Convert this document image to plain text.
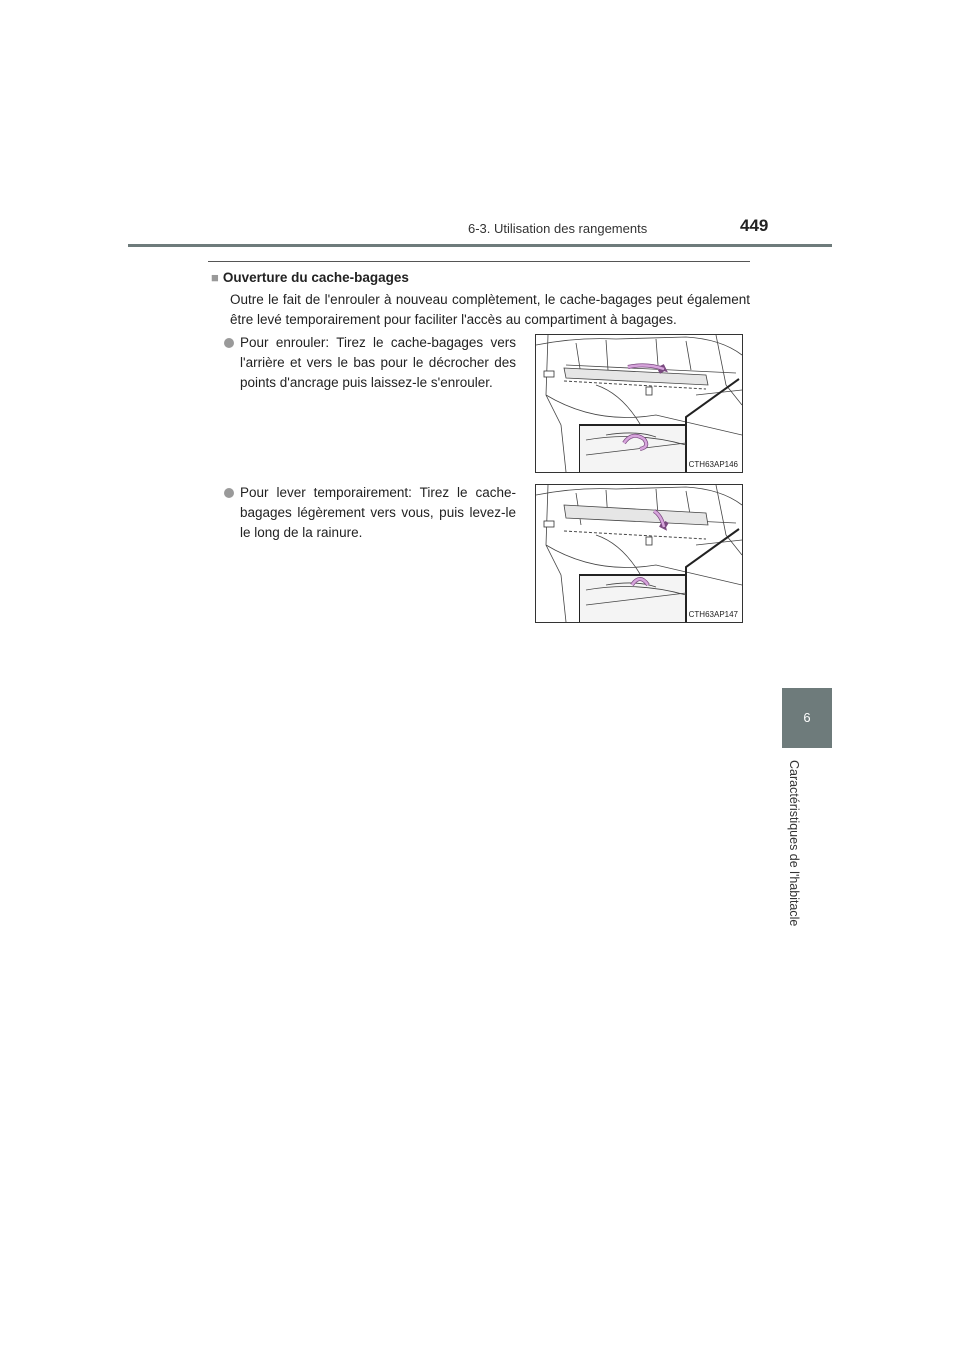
6-3. Utilisation des rangements	449
6
Caractéristiques de l'habitacle
■ Ouverture du cache-bagages
Outre le fait de l'enrouler à nouveau complètement, le cache-bagages peut également être levé temporairement pour faciliter l'accès au compartiment à bagages.
Pour enrouler: Tirez le cache-bagages vers l'arrière et vers le bas pour le décrocher des points d'ancrage puis laissez-le s'enrouler.
CTH63AP146
Pour lever temporairement: Tirez le cache-bagages légèrement vers vous, puis levez-le le long de la rainure.
CTH63AP147
